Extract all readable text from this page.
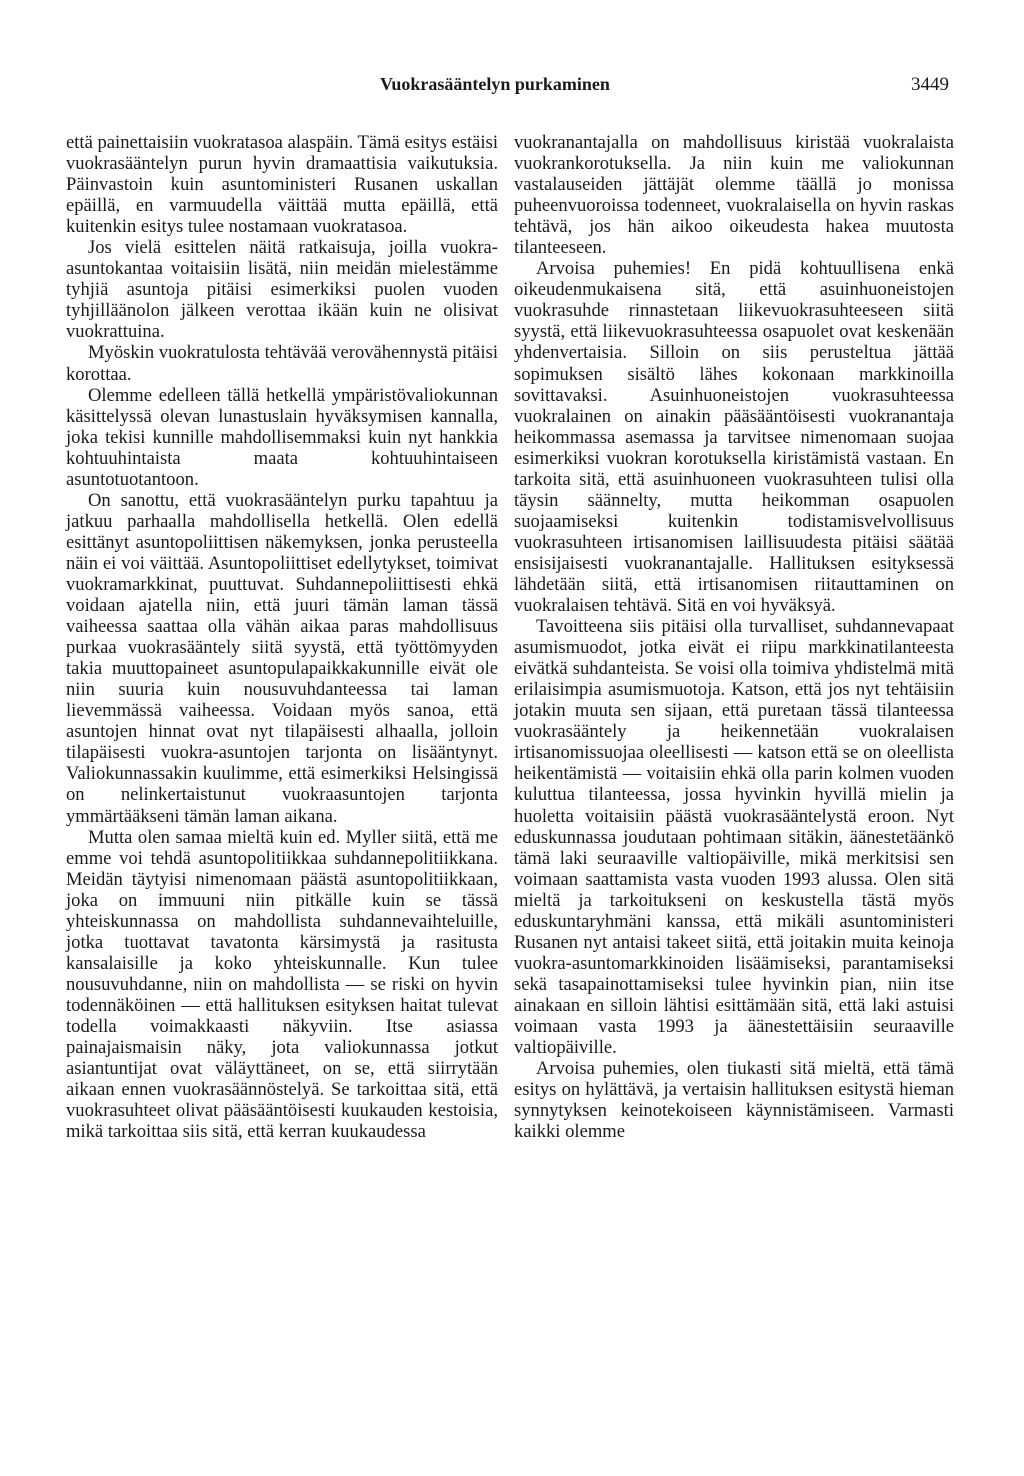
Vuokrasääntelyn purkaminen	3449

että painettaisiin vuokratasoa alaspäin. Tämä esitys estäisi vuokrasääntelyn purun hyvin dramaattisia vaikutuksia. Päinvastoin kuin asuntoministeri Rusanen uskallan epäillä, en varmuudella väittää mutta epäillä, että kuitenkin esitys tulee nostamaan vuokratasoa.

Jos vielä esittelen näitä ratkaisuja, joilla vuokra-asuntokantaa voitaisiin lisätä, niin meidän mielestämme tyhjiä asuntoja pitäisi esimerkiksi puolen vuoden tyhjilläänolon jälkeen verottaa ikään kuin ne olisivat vuokrattuina.

Myöskin vuokratulosta tehtävää verovähennystä pitäisi korottaa.

Olemme edelleen tällä hetkellä ympäristövaliokunnan käsittelyssä olevan lunastuslain hyväksymisen kannalla, joka tekisi kunnille mahdollisemmaksi kuin nyt hankkia kohtuuhintaista maata kohtuuhintaiseen asuntotuotantoon.

On sanottu, että vuokrasääntelyn purku tapahtuu ja jatkuu parhaalla mahdollisella hetkellä. Olen edellä esittänyt asuntopoliittisen näkemyksen, jonka perusteella näin ei voi väittää. Asuntopoliittiset edellytykset, toimivat vuokramarkkinat, puuttuvat. Suhdannepoliittisesti ehkä voidaan ajatella niin, että juuri tämän laman tässä vaiheessa saattaa olla vähän aikaa paras mahdollisuus purkaa vuokrasääntely siitä syystä, että työttömyyden takia muuttopaineet asuntopulapaikkakunnille eivät ole niin suuria kuin nousuvuhdanteessa tai laman lievemmässä vaiheessa. Voidaan myös sanoa, että asuntojen hinnat ovat nyt tilapäisesti alhaalla, jolloin tilapäisesti vuokra-asuntojen tarjonta on lisääntynyt. Valiokunnassakin kuulimme, että esimerkiksi Helsingissä on nelinkertaistunut vuokraasuntojen tarjonta ymmärtääkseni tämän laman aikana.

Mutta olen samaa mieltä kuin ed. Myller siitä, että me emme voi tehdä asuntopolitiikkaa suhdannepolitiikkana. Meidän täytyisi nimenomaan päästä asuntopolitiikkaan, joka on immuuni niin pitkälle kuin se tässä yhteiskunnassa on mahdollista suhdannevaihteluille, jotka tuottavat tavatonta kärsimystä ja rasitusta kansalaisille ja koko yhteiskunnalle. Kun tulee nousuvuhdanne, niin on mahdollista — se riski on hyvin todennäköinen — että hallituksen esityksen haitat tulevat todella voimakkaasti näkyviin. Itse asiassa painajaismaisin näky, jota valiokunnassa jotkut asiantuntijat ovat väläyttäneet, on se, että siirrytään aikaan ennen vuokrasäännöstelyä. Se tarkoittaa sitä, että vuokrasuhteet olivat pääsääntöisesti kuukauden kestoisia, mikä tarkoittaa siis sitä, että kerran kuukaudessa

vuokranantajalla on mahdollisuus kiristää vuokralaista vuokrankorotuksella. Ja niin kuin me valiokunnan vastalauseiden jättäjät olemme täällä jo monissa puheenvuoroissa todenneet, vuokralaisella on hyvin raskas tehtävä, jos hän aikoo oikeudesta hakea muutosta tilanteeseen.

Arvoisa puhemies! En pidä kohtuullisena enkä oikeudenmukaisena sitä, että asuinhuoneistojen vuokrasuhde rinnastetaan liikevuokrasuhteeseen siitä syystä, että liikevuokrasuhteessa osapuolet ovat keskenään yhdenvertaisia. Silloin on siis perusteltua jättää sopimuksen sisältö lähes kokonaan markkinoilla sovittavaksi. Asuinhuoneistojen vuokrasuhteessa vuokralainen on ainakin pääsääntöisesti vuokranantaja heikommassa asemassa ja tarvitsee nimenomaan suojaa esimerkiksi vuokran korotuksella kiristämistä vastaan. En tarkoita sitä, että asuinhuoneen vuokrasuhteen tulisi olla täysin säännelty, mutta heikomman osapuolen suojaamiseksi kuitenkin todistamisvelvollisuus vuokrasuhteen irtisanomisen laillisuudesta pitäisi säätää ensisijaisesti vuokranantajalle. Hallituksen esityksessä lähdetään siitä, että irtisanomisen riitauttaminen on vuokralaisen tehtävä. Sitä en voi hyväksyä.

Tavoitteena siis pitäisi olla turvalliset, suhdannevapaat asumismuodot, jotka eivät ei riipu markkinatilanteesta eivätkä suhdanteista. Se voisi olla toimiva yhdistelmä mitä erilaisimpia asumismuotoja. Katson, että jos nyt tehtäisiin jotakin muuta sen sijaan, että puretaan tässä tilanteessa vuokrasääntely ja heikennetään vuokralaisen irtisanomissuojaa oleellisesti — katson että se on oleellista heikentämistä — voitaisiin ehkä olla parin kolmen vuoden kuluttua tilanteessa, jossa hyvinkin hyvillä mielin ja huoletta voitaisiin päästä vuokrasääntelystä eroon. Nyt eduskunnassa joudutaan pohtimaan sitäkin, äänestetäänkö tämä laki seuraaville valtiopäiville, mikä merkitsisi sen voimaan saattamista vasta vuoden 1993 alussa. Olen sitä mieltä ja tarkoitukseni on keskustella tästä myös eduskuntaryhmäni kanssa, että mikäli asuntoministeri Rusanen nyt antaisi takeet siitä, että joitakin muita keinoja vuokra-asuntomarkkinoiden lisäämiseksi, parantamiseksi sekä tasapainottamiseksi tulee hyvinkin pian, niin itse ainakaan en silloin lähtisi esittämään sitä, että laki astuisi voimaan vasta 1993 ja äänestettäisiin seuraaville valtiopäiville.

Arvoisa puhemies, olen tiukasti sitä mieltä, että tämä esitys on hylättävä, ja vertaisin hallituksen esitystä hieman synnytyksen keinotekoiseen käynnistämiseen. Varmasti kaikki olemme
